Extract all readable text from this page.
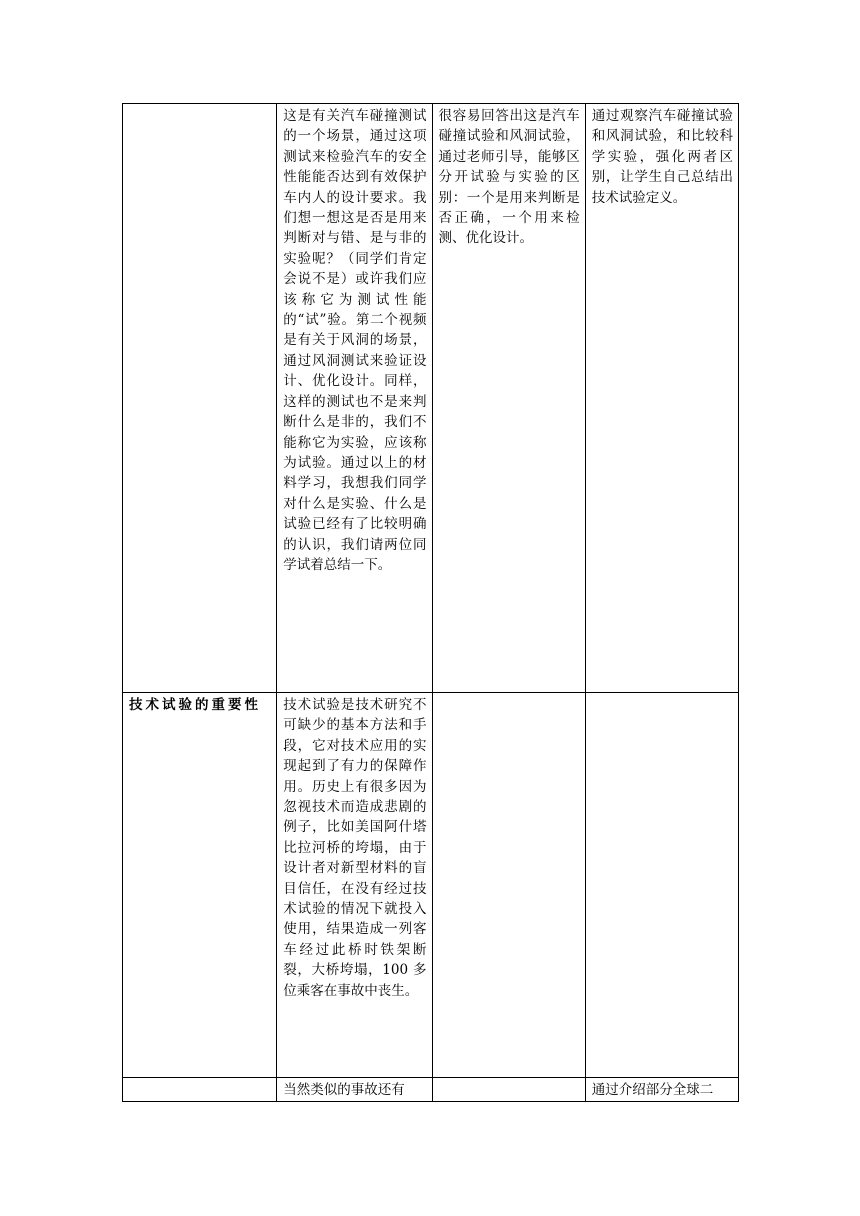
	这是有关汽车碰撞测试的一个场景，通过这项测试来检验汽车的安全性能能否达到有效保护车内人的设计要求。我们想一想这是否是用来判断对与错、是与非的实验呢？（同学们肯定会说不是）或许我们应该称它为测试性能的“试”验。第二个视频是有关于风洞的场景，通过风洞测试来验证设计、优化设计。同样，这样的测试也不是来判断什么是非的，我们不能称它为实验，应该称为试验。通过以上的材料学习，我想我们同学对什么是实验、什么是试验已经有了比较明确的认识，我们请两位同学试着总结一下。	很容易回答出这是汽车碰撞试验和风洞试验，通过老师引导，能够区分开试验与实验的区别：一个是用来判断是否正确，一个用来检测、优化设计。	通过观察汽车碰撞试验和风洞试验，和比较科学实验，强化两者区别，让学生自己总结出技术试验定义。
技术试验的重要性	技术试验是技术研究不可缺少的基本方法和手段，它对技术应用的实现起到了有力的保障作用。历史上有很多因为忽视技术而造成悲剧的例子，比如美国阿什塔比拉河桥的垮塌，由于设计者对新型材料的盲目信任，在没有经过技术试验的情况下就投入使用，结果造成一列客车经过此桥时铁架断裂，大桥垮塌，100 多位乘客在事故中丧生。		

	当然类似的事故还有		通过介绍部分全球二
